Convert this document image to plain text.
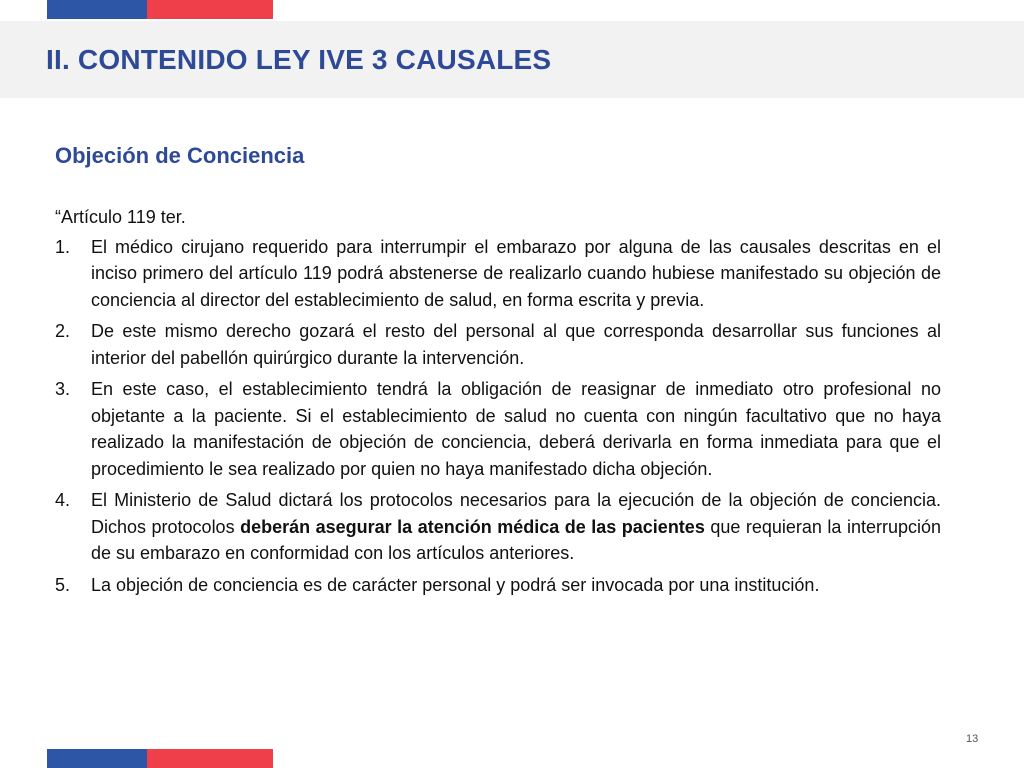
II. CONTENIDO LEY IVE 3 CAUSALES
Objeción de Conciencia

“Artículo 119 ter.

1.	El médico cirujano requerido para interrumpir el embarazo por alguna de las causales descritas en el inciso primero del artículo 119 podrá abstenerse de realizarlo cuando hubiese manifestado su objeción de conciencia al director del establecimiento de salud, en forma escrita y previa.
2.	De este mismo derecho gozará el resto del personal al que corresponda desarrollar sus funciones al interior del pabellón quirúrgico durante la intervención.
3.	En este caso, el establecimiento tendrá la obligación de reasignar de inmediato otro profesional no objetante a la paciente. Si el establecimiento de salud no cuenta con ningún facultativo que no haya realizado la manifestación de objeción de conciencia, deberá derivarla en forma inmediata para que el procedimiento le sea realizado por quien no haya manifestado dicha objeción.
4.	El Ministerio de Salud dictará los protocolos necesarios para la ejecución de la objeción de conciencia. Dichos protocolos deberán asegurar la atención médica de las pacientes que requieran la interrupción de su embarazo en conformidad con los artículos anteriores.
5.	La objeción de conciencia es de carácter personal y podrá ser invocada por una institución.
13
